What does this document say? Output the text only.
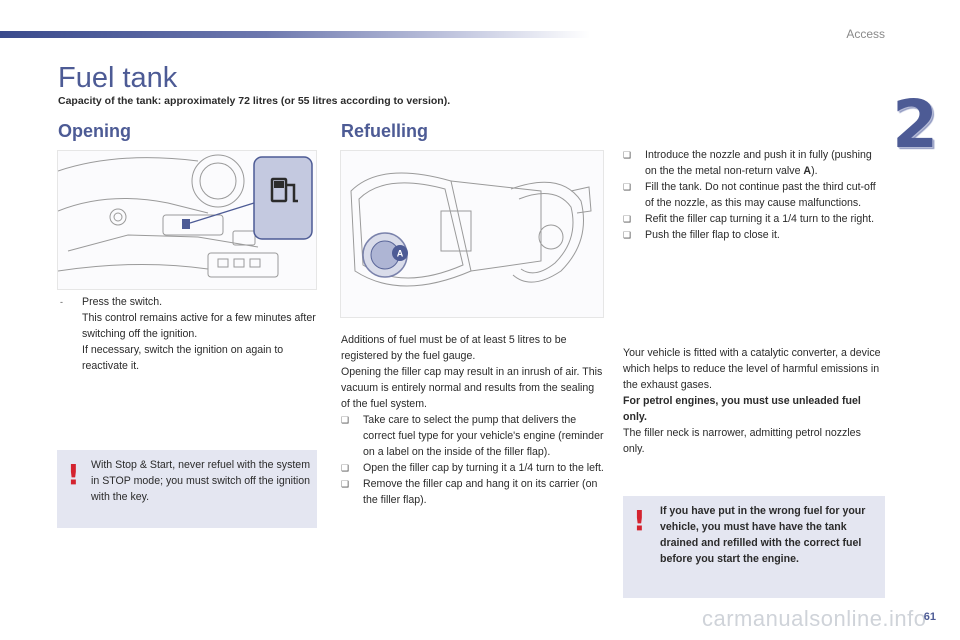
Access
2
Fuel tank
Capacity of the tank: approximately 72 litres (or 55 litres according to version).
Opening
-	Press the switch.

This control remains active for a few minutes after switching off the ignition.

If necessary, switch the ignition on again to reactivate it.

! With Stop & Start, never refuel with the system in STOP mode; you must switch off the ignition with the key.
Refuelling
A

Additions of fuel must be of at least 5 litres to be registered by the fuel gauge.

Opening the filler cap may result in an inrush of air. This vacuum is entirely normal and results from the sealing of the fuel system.

❑	Take care to select the pump that delivers the correct fuel type for your vehicle's engine (reminder on a label on the inside of the filler flap).
❑	Open the filler cap by turning it a 1/4 turn to the left.
❑	Remove the filler cap and hang it on its carrier (on the filler flap).
❑	Introduce the nozzle and push it in fully (pushing on the the metal non-return valve A).
❑	Fill the tank. Do not continue past the third cut-off of the nozzle, as this may cause malfunctions.
❑	Refit the filler cap turning it a 1/4 turn to the right.
❑	Push the filler flap to close it.

Your vehicle is fitted with a catalytic converter, a device which helps to reduce the level of harmful emissions in the exhaust gases.

For petrol engines, you must use unleaded fuel only.

The filler neck is narrower, admitting petrol nozzles only.

! If you have put in the wrong fuel for your vehicle, you must have have the tank drained and refilled with the correct fuel before you start the engine.
carmanualsonline.info
61
